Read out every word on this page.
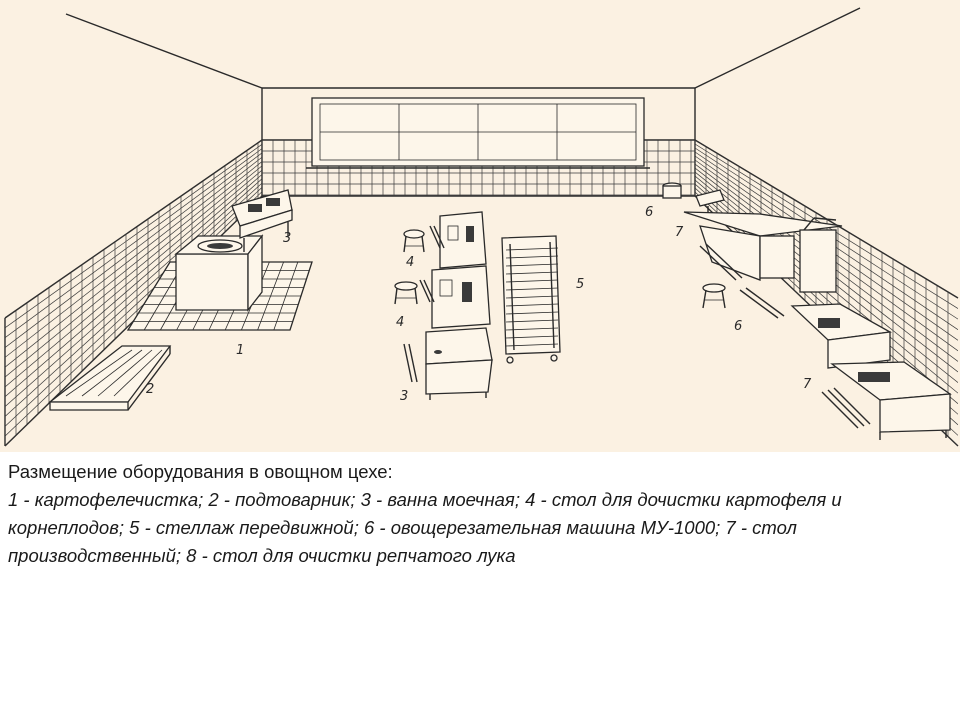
1
2
3
3
4
4
5
6
6
7
7
Размещение оборудования в овощном цехе:
1 - картофелечистка; 2 - подтоварник; 3 - ванна моечная; 4 - стол для дочистки картофеля и корнеплодов; 5 - стеллаж передвижной; 6 - овощерезательная машина МУ-1000; 7 - стол производственный; 8 - стол для очистки репчатого лука
